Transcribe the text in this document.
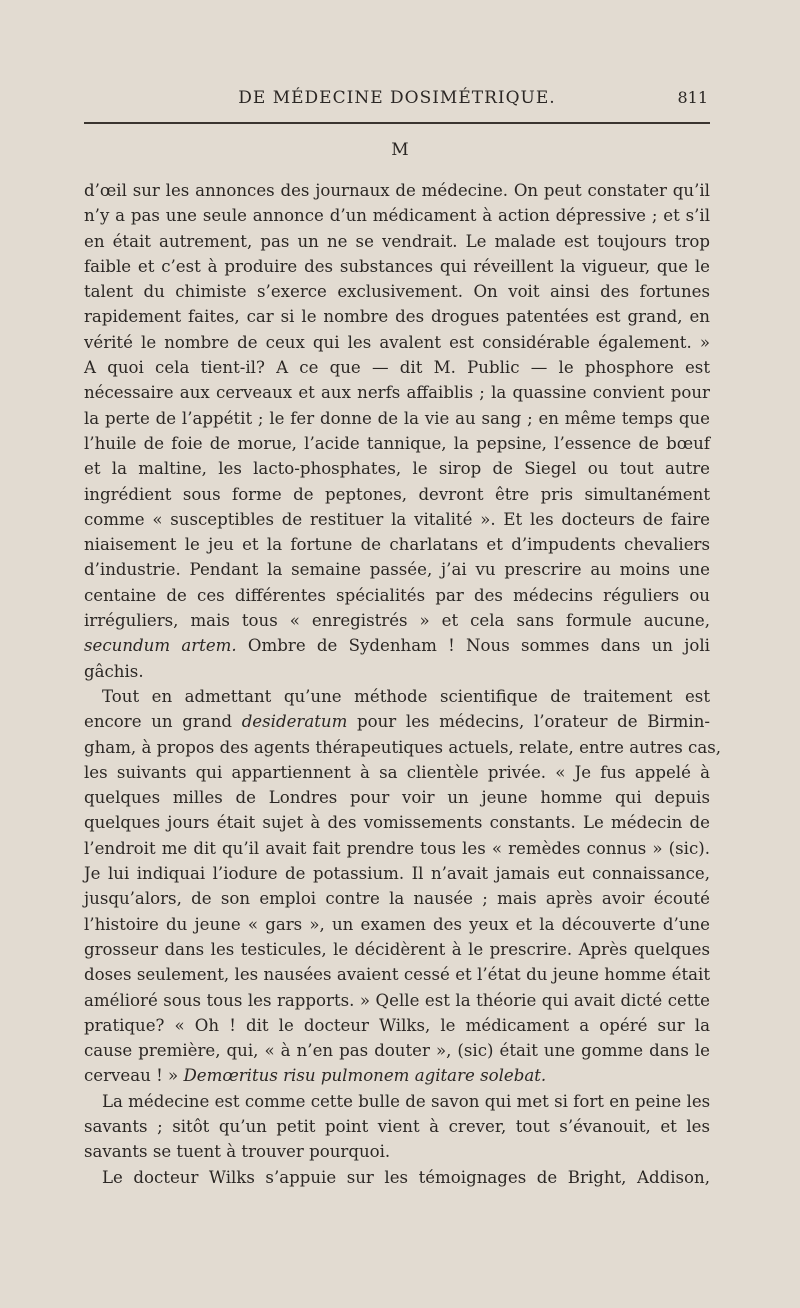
DE MÉDECINE DOSIMÉTRIQUE.	811
M
d’œil sur les annonces des journaux de médecine. On peut constater qu’il
n’y a pas une seule annonce d’un médicament à action dépressive ; et s’il
en était autrement, pas un ne se vendrait. Le malade est toujours trop
faible et c’est à produire des substances qui réveillent la vigueur, que le
talent du chimiste s’exerce exclusivement. On voit ainsi des fortunes
rapidement faites, car si le nombre des drogues patentées est grand, en
vérité le nombre de ceux qui les avalent est considérable également. »
A quoi cela tient-il? A ce que — dit M. Public — le phosphore est
nécessaire aux cerveaux et aux nerfs affaiblis ; la quassine convient pour
la perte de l’appétit ; le fer donne de la vie au sang ; en même temps que
l’huile de foie de morue, l’acide tannique, la pepsine, l’essence de bœuf
et la maltine, les lacto-phosphates, le sirop de Siegel ou tout autre
ingrédient sous forme de peptones, devront être pris simultanément
comme « susceptibles de restituer la vitalité ». Et les docteurs de faire
niaisement le jeu et la fortune de charlatans et d’impudents chevaliers
d’industrie. Pendant la semaine passée, j’ai vu prescrire au moins une
centaine de ces différentes spécialités par des médecins réguliers ou
irréguliers, mais tous « enregistrés » et cela sans formule aucune,
secundum artem. Ombre de Sydenham ! Nous sommes dans un joli
gâchis.
Tout en admettant qu’une méthode scientifique de traitement est
encore un grand desideratum pour les médecins, l’orateur de Birmin-
gham, à propos des agents thérapeutiques actuels, relate, entre autres cas,
les suivants qui appartiennent à sa clientèle privée. « Je fus appelé à
quelques milles de Londres pour voir un jeune homme qui depuis
quelques jours était sujet à des vomissements constants. Le médecin de
l’endroit me dit qu’il avait fait prendre tous les « remèdes connus » (sic).
Je lui indiquai l’iodure de potassium. Il n’avait jamais eut connaissance,
jusqu’alors, de son emploi contre la nausée ; mais après avoir écouté
l’histoire du jeune « gars », un examen des yeux et la découverte d’une
grosseur dans les testicules, le décidèrent à le prescrire. Après quelques
doses seulement, les nausées avaient cessé et l’état du jeune homme était
amélioré sous tous les rapports. » Qelle est la théorie qui avait dicté cette
pratique? « Oh ! dit le docteur Wilks, le médicament a opéré sur la
cause première, qui, « à n’en pas douter », (sic) était une gomme dans le
cerveau ! » Demœritus risu pulmonem agitare solebat.
La médecine est comme cette bulle de savon qui met si fort en peine les
savants ; sitôt qu’un petit point vient à crever, tout s’évanouit, et les
savants se tuent à trouver pourquoi.
Le docteur Wilks s’appuie sur les témoignages de Bright, Addison,
